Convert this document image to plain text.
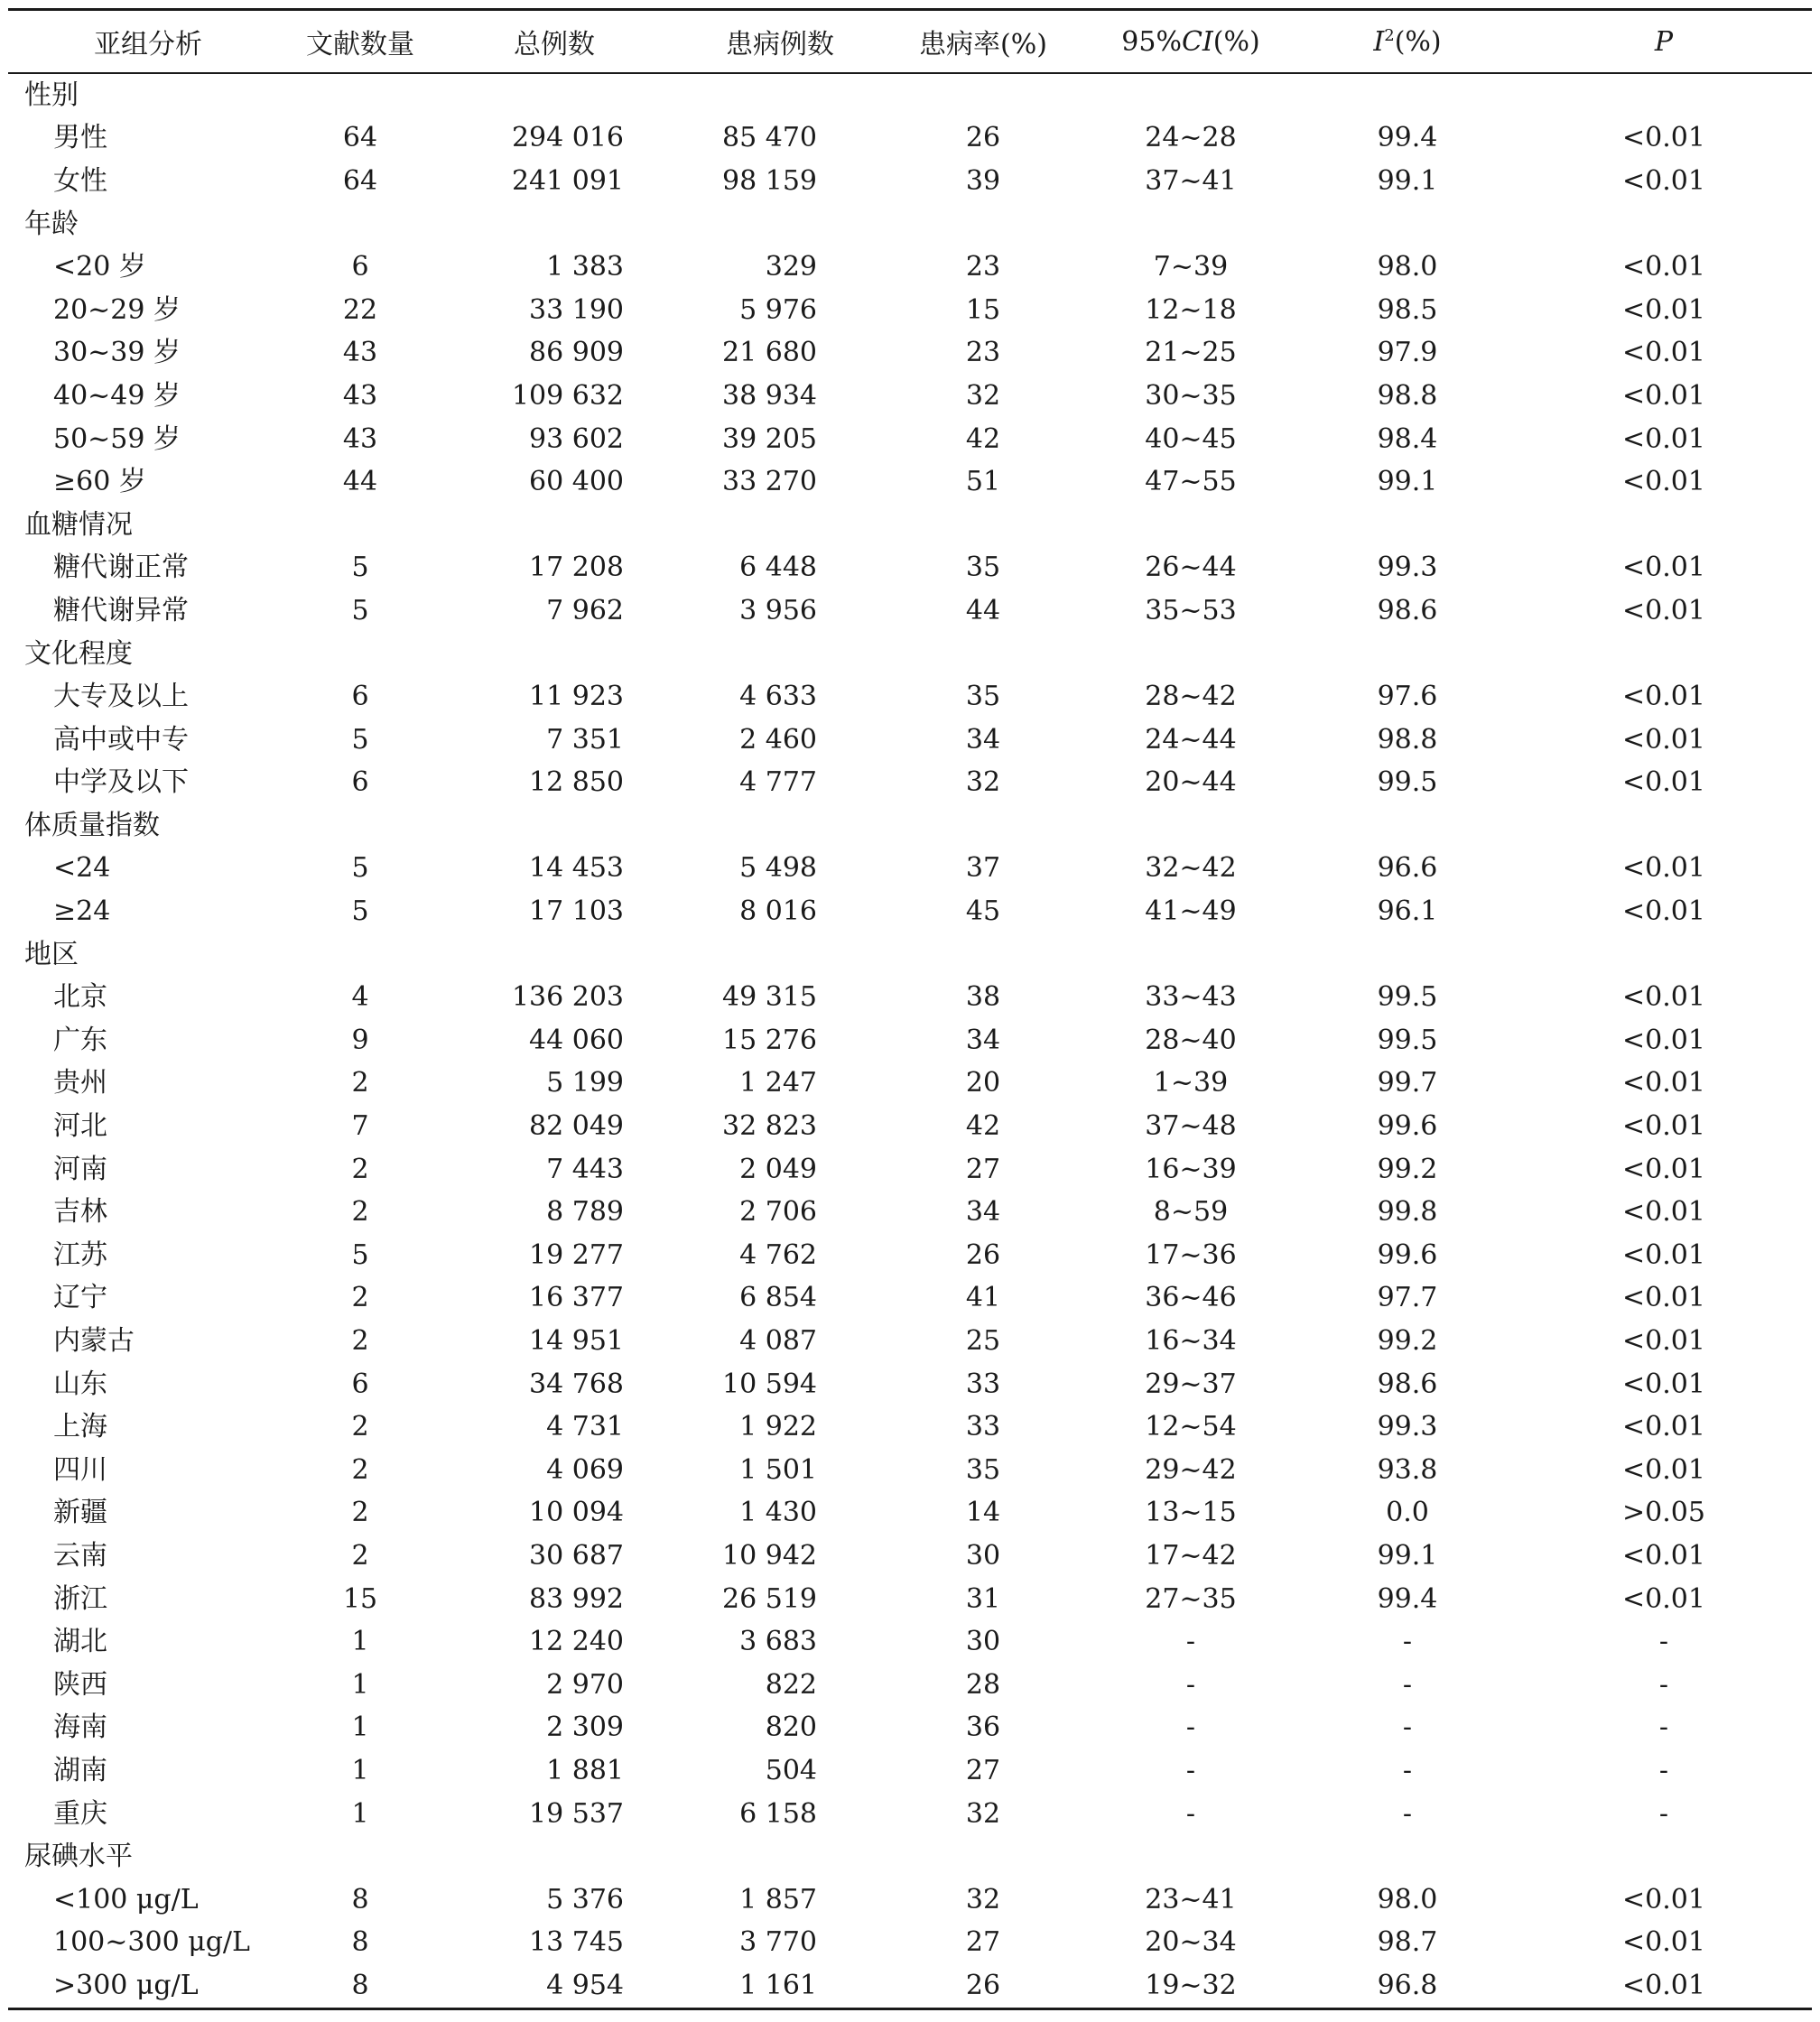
亚组分析	文献数量	总例数	患病例数	患病率(%)	95%CI(%)	$I^2(\%)$	P
性别							
男性	64	294 016	85 470	26	24~28	99.4	<0.01
女性	64	241 091	98 159	39	37~41	99.1	<0.01
年龄							
<20 岁	6	1 383	329	23	7~39	98.0	<0.01
20~29 岁	22	33 190	5 976	15	12~18	98.5	<0.01
30~39 岁	43	86 909	21 680	23	21~25	97.9	<0.01
40~49 岁	43	109 632	38 934	32	30~35	98.8	<0.01
50~59 岁	43	93 602	39 205	42	40~45	98.4	<0.01
≥60 岁	44	60 400	33 270	51	47~55	99.1	<0.01
血糖情况							
糖代谢正常	5	17 208	6 448	35	26~44	99.3	<0.01
糖代谢异常	5	7 962	3 956	44	35~53	98.6	<0.01
文化程度							
大专及以上	6	11 923	4 633	35	28~42	97.6	<0.01
高中或中专	5	7 351	2 460	34	24~44	98.8	<0.01
中学及以下	6	12 850	4 777	32	20~44	99.5	<0.01
体质量指数							
<24	5	14 453	5 498	37	32~42	96.6	<0.01
≥24	5	17 103	8 016	45	41~49	96.1	<0.01
地区							
北京	4	136 203	49 315	38	33~43	99.5	<0.01
广东	9	44 060	15 276	34	28~40	99.5	<0.01
贵州	2	5 199	1 247	20	1~39	99.7	<0.01
河北	7	82 049	32 823	42	37~48	99.6	<0.01
河南	2	7 443	2 049	27	16~39	99.2	<0.01
吉林	2	8 789	2 706	34	8~59	99.8	<0.01
江苏	5	19 277	4 762	26	17~36	99.6	<0.01
辽宁	2	16 377	6 854	41	36~46	97.7	<0.01
内蒙古	2	14 951	4 087	25	16~34	99.2	<0.01
山东	6	34 768	10 594	33	29~37	98.6	<0.01
上海	2	4 731	1 922	33	12~54	99.3	<0.01
四川	2	4 069	1 501	35	29~42	93.8	<0.01
新疆	2	10 094	1 430	14	13~15	0.0	>0.05
云南	2	30 687	10 942	30	17~42	99.1	<0.01
浙江	15	83 992	26 519	31	27~35	99.4	<0.01
湖北	1	12 240	3 683	30	-	-	-
陕西	1	2 970	822	28	-	-	-
海南	1	2 309	820	36	-	-	-
湖南	1	1 881	504	27	-	-	-
重庆	1	19 537	6 158	32	-	-	-
尿碘水平							
<100 μg/L	8	5 376	1 857	32	23~41	98.0	<0.01
100~300 μg/L	8	13 745	3 770	27	20~34	98.7	<0.01
>300 μg/L	8	4 954	1 161	26	19~32	96.8	<0.01
